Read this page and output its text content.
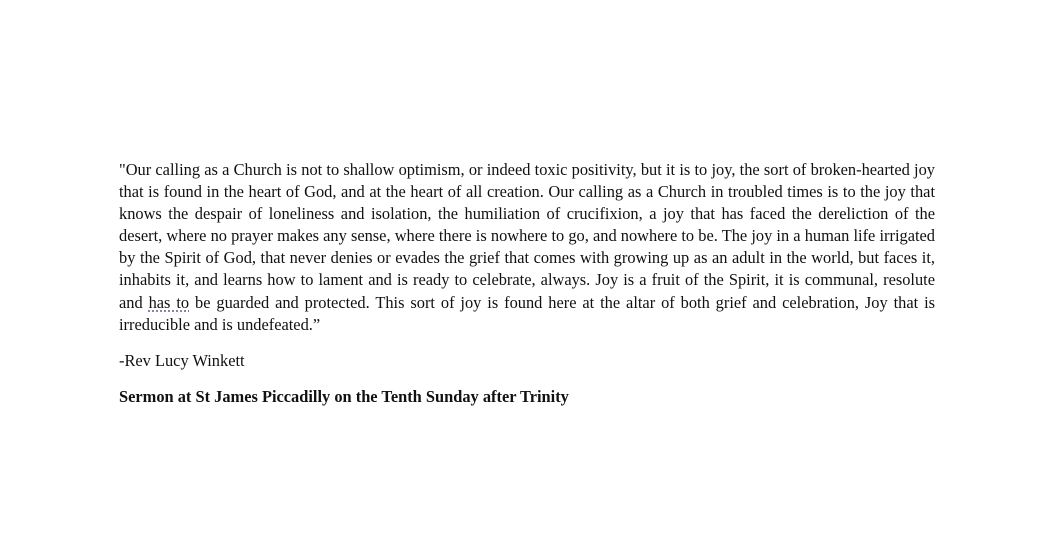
"Our calling as a Church is not to shallow optimism, or indeed toxic positivity, but it is to joy, the sort of broken-hearted joy that is found in the heart of God, and at the heart of all creation. Our calling as a Church in troubled times is to the joy that knows the despair of loneliness and isolation, the humiliation of crucifixion, a joy that has faced the dereliction of the desert, where no prayer makes any sense, where there is nowhere to go, and nowhere to be. The joy in a human life irrigated by the Spirit of God, that never denies or evades the grief that comes with growing up as an adult in the world, but faces it, inhabits it, and learns how to lament and is ready to celebrate, always. Joy is a fruit of the Spirit, it is communal, resolute and has to be guarded and protected. This sort of joy is found here at the altar of both grief and celebration, Joy that is irreducible and is undefeated.”

-Rev Lucy Winkett

Sermon at St James Piccadilly on the Tenth Sunday after Trinity
